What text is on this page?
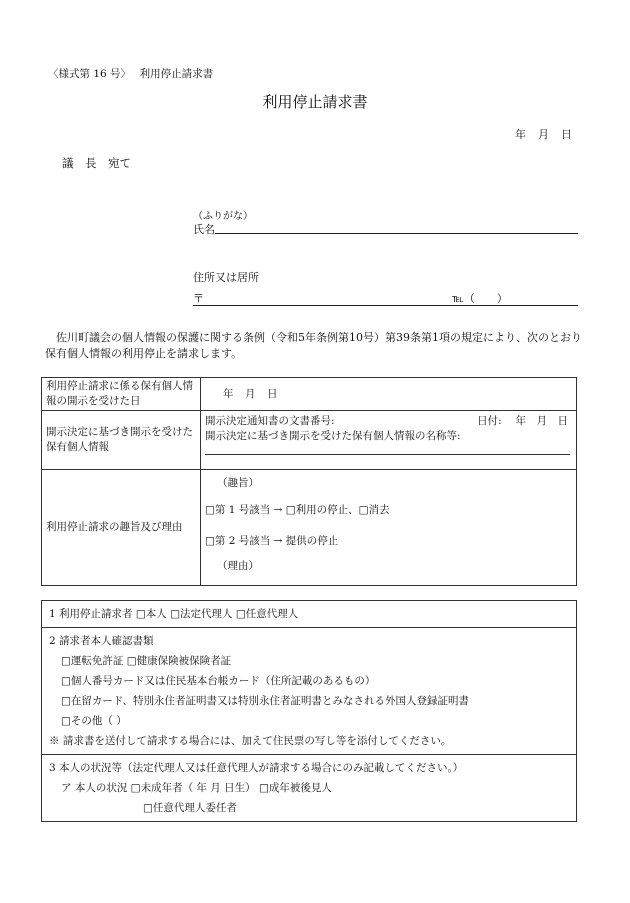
〈様式第 16 号〉　 利用停止請求書
利用停止請求書
年　月　日
議　長　宛て
（ふりがな）
氏名
住所又は居所
〒	℡（　　）
佐川町議会の個人情報の保護に関する条例（令和5年条例第10号）第39条第1項の規定により、次のとおり保有個人情報の利用停止を請求します。
利用停止請求に係る保有個人情報の開示を受けた日	年　月　日
開示決定に基づき開示を受けた保有個人情報	開示決定通知書の文書番号: 日付:　 年　月　日
開示決定に基づき開示を受けた保有個人情報の名称等:

利用停止請求の趣旨及び理由	（趣旨）
□第 1 号該当 → □利用の停止、□消去
□第 2 号該当 → 提供の停止
（理由）
1 利用停止請求者 □本人 □法定代理人 □任意代理人
2 請求者本人確認書類
□運転免許証 □健康保険被保険者証
□個人番号カード又は住民基本台帳カード（住所記載のあるもの）
□在留カード、特別永住者証明書又は特別永住者証明書とみなされる外国人登録証明書
□その他（ ）
※ 請求書を送付して請求する場合には、加えて住民票の写し等を添付してください。
3 本人の状況等（法定代理人又は任意代理人が請求する場合にのみ記載してください。）
ア 本人の状況 □未成年者（ 年 月 日生） □成年被後見人
□任意代理人委任者
